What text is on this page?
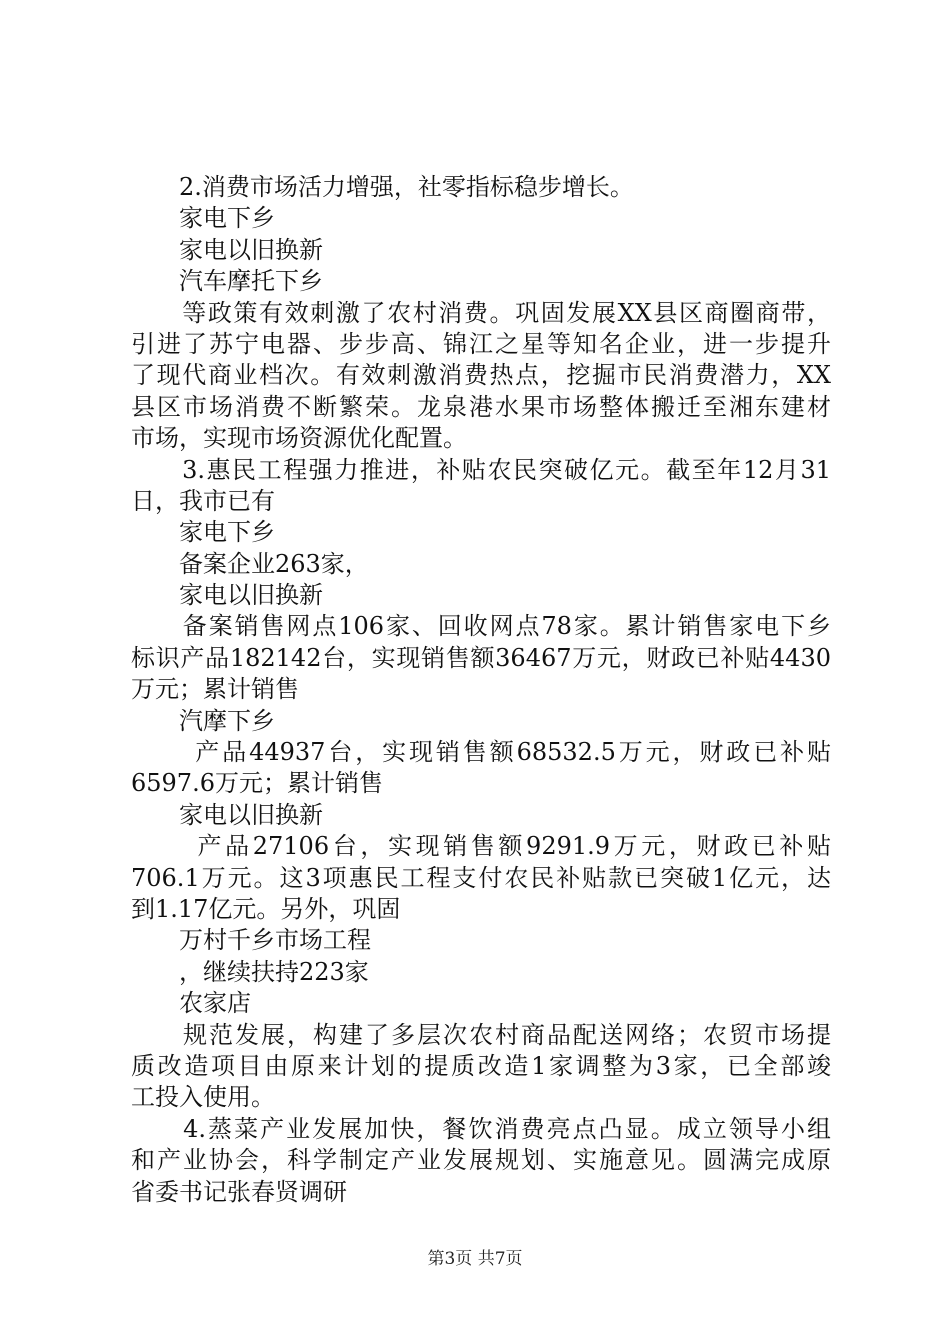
　　2.消费市场活力增强，社零指标稳步增长。
　　家电下乡
　　家电以旧换新
　　汽车摩托下乡
　　等政策有效刺激了农村消费。巩固发展XX县区商圈商带，
引进了苏宁电器、步步高、锦江之星等知名企业，进一步提升
了现代商业档次。有效刺激消费热点，挖掘市民消费潜力，XX
县区市场消费不断繁荣。龙泉港水果市场整体搬迁至湘东建材
市场，实现市场资源优化配置。
　　3.惠民工程强力推进，补贴农民突破亿元。截至年12月31
日，我市已有
　　家电下乡
　　备案企业263家，
　　家电以旧换新
　　备案销售网点106家、回收网点78家。累计销售家电下乡
标识产品182142台，实现销售额36467万元，财政已补贴4430
万元；累计销售
　　汽摩下乡
　　 产品44937台，实现销售额68532.5万元，财政已补贴
6597.6万元；累计销售
　　家电以旧换新
　　 产品27106台，实现销售额9291.9万元，财政已补贴
706.1万元。这3项惠民工程支付农民补贴款已突破1亿元，达
到1.17亿元。另外，巩固
　　万村千乡市场工程
　　，继续扶持223家
　　农家店
　　规范发展，构建了多层次农村商品配送网络；农贸市场提
质改造项目由原来计划的提质改造1家调整为3家，已全部竣
工投入使用。
　　4.蒸菜产业发展加快，餐饮消费亮点凸显。成立领导小组
和产业协会，科学制定产业发展规划、实施意见。圆满完成原
省委书记张春贤调研
第3页 共7页
